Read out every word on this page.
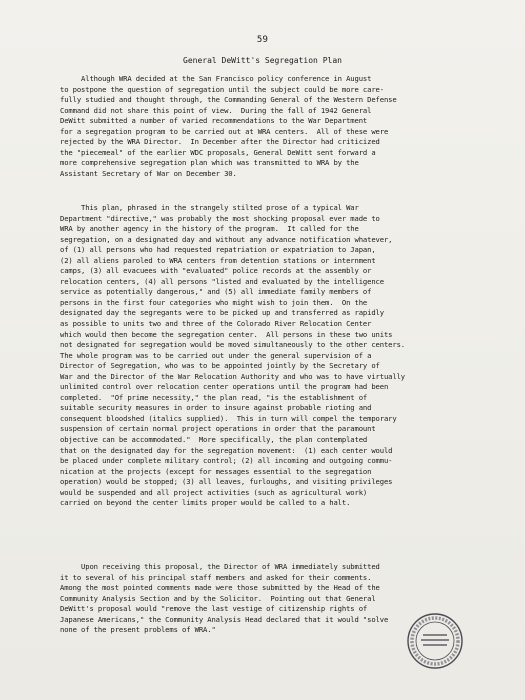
59
General DeWitt's Segregation Plan
Although WRA decided at the San Francisco policy conference in August
to postpone the question of segregation until the subject could be more care-
fully studied and thought through, the Commanding General of the Western Defense
Command did not share this point of view.  During the fall of 1942 General
DeWitt submitted a number of varied recommendations to the War Department
for a segregation program to be carried out at WRA centers.  All of these were
rejected by the WRA Director.  In December after the Director had criticized
the "piecemeal" of the earlier WDC proposals, General DeWitt sent forward a
more comprehensive segregation plan which was transmitted to WRA by the
Assistant Secretary of War on December 30.
This plan, phrased in the strangely stilted prose of a typical War
Department "directive," was probably the most shocking proposal ever made to
WRA by another agency in the history of the program.  It called for the
segregation, on a designated day and without any advance notification whatever,
of (1) all persons who had requested repatriation or expatriation to Japan,
(2) all aliens paroled to WRA centers from detention stations or internment
camps, (3) all evacuees with "evaluated" police records at the assembly or
relocation centers, (4) all persons "listed and evaluated by the intelligence
service as potentially dangerous," and (5) all immediate family members of
persons in the first four categories who might wish to join them.  On the
designated day the segregants were to be picked up and transferred as rapidly
as possible to units two and three of the Colorado River Relocation Center
which would then become the segregation center.  All persons in these two units
not designated for segregation would be moved simultaneously to the other centers.
The whole program was to be carried out under the general supervision of a
Director of Segregation, who was to be appointed jointly by the Secretary of
War and the Director of the War Relocation Authority and who was to have virtually
unlimited control over relocation center operations until the program had been
completed.  "Of prime necessity," the plan read, "is the establishment of
suitable security measures in order to insure against probable rioting and
consequent bloodshed (italics supplied).  This in turn will compel the temporary
suspension of certain normal project operations in order that the paramount
objective can be accommodated."  More specifically, the plan contemplated
that on the designated day for the segregation movement:  (1) each center would
be placed under complete military control; (2) all incoming and outgoing commu-
nication at the projects (except for messages essential to the segregation
operation) would be stopped; (3) all leaves, furloughs, and visiting privileges
would be suspended and all project activities (such as agricultural work)
carried on beyond the center limits proper would be called to a halt.
Upon receiving this proposal, the Director of WRA immediately submitted
it to several of his principal staff members and asked for their comments.
Among the most pointed comments made were those submitted by the Head of the
Community Analysis Section and by the Solicitor.  Pointing out that General
DeWitt's proposal would "remove the last vestige of citizenship rights of
Japanese Americans," the Community Analysis Head declared that it would "solve
none of the present problems of WRA."
